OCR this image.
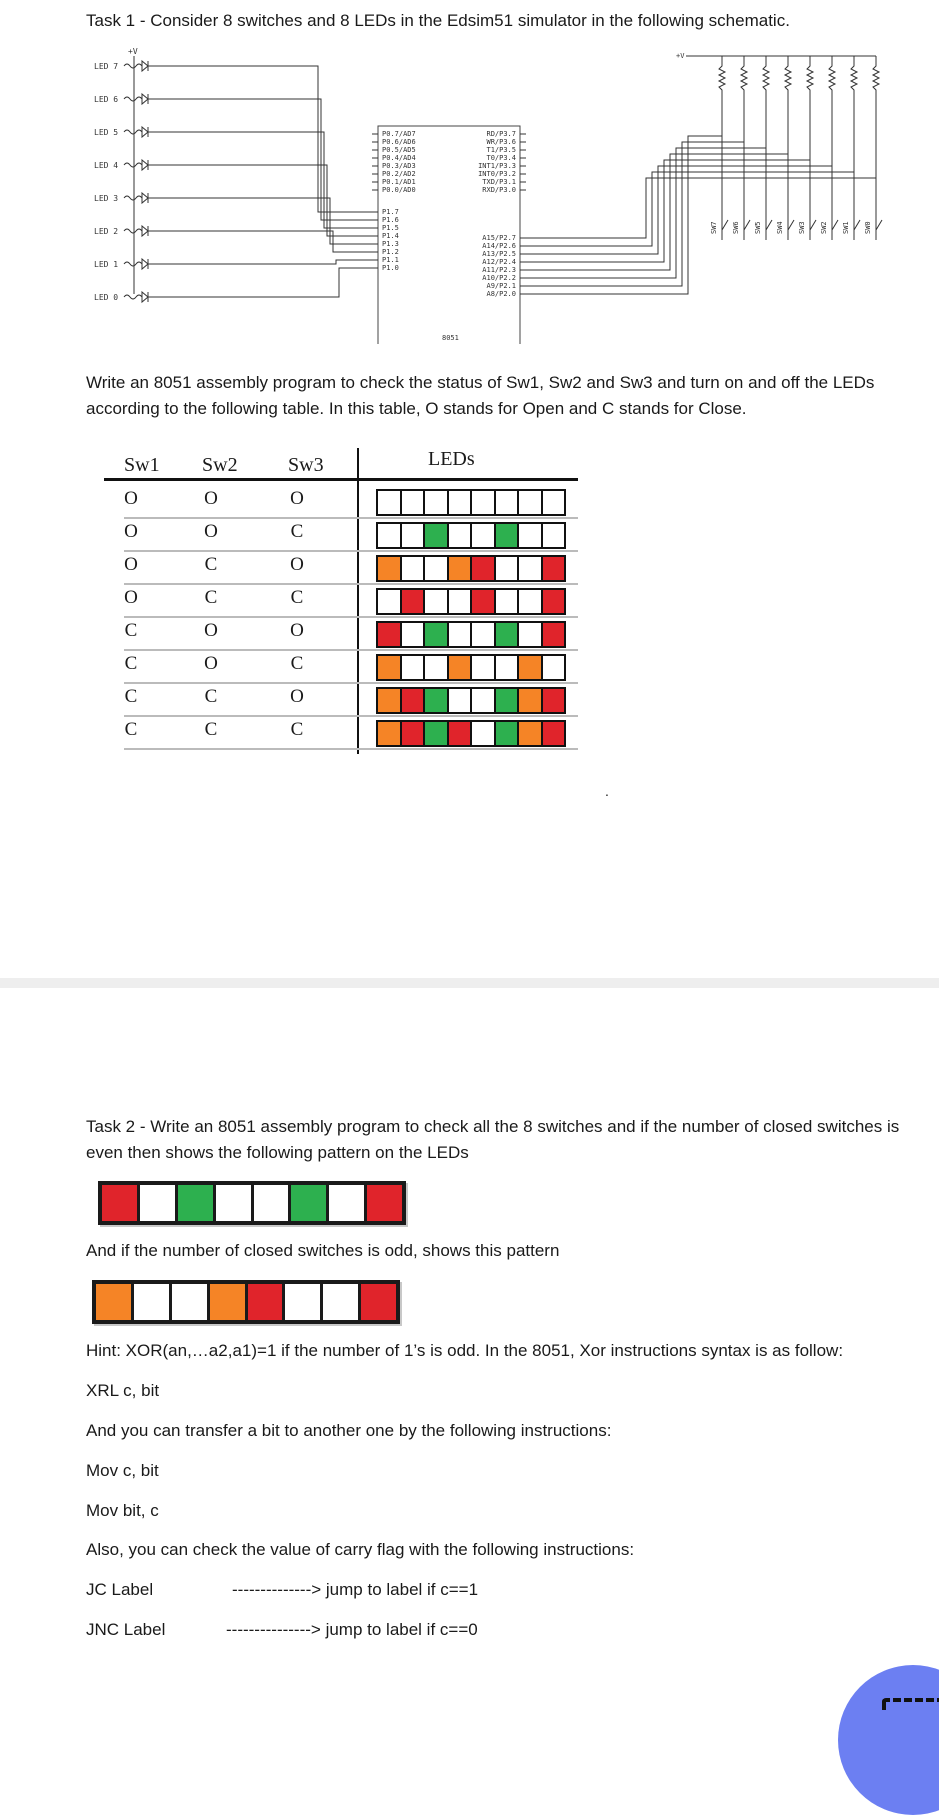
Task 1 - Consider 8 switches and 8 LEDs in the Edsim51 simulator in the following schematic.

+V
LED 7
LED 6
LED 5
LED 4
LED 3
LED 2
LED 1
LED 0
P0.7/AD7
P0.6/AD6
P0.5/AD5
P0.4/AD4
P0.3/AD3
P0.2/AD2
P0.1/AD1
P0.0/AD0
RD/P3.7
WR/P3.6
T1/P3.5
T0/P3.4
INT1/P3.3
INT0/P3.2
TXD/P3.1
RXD/P3.0
P1.7
P1.6
P1.5
P1.4
P1.3
P1.2
P1.1
P1.0
A15/P2.7
A14/P2.6
A13/P2.5
A12/P2.4
A11/P2.3
A10/P2.2
A9/P2.1
A8/P2.0
8051
+V
SW7 SW6 SW5 SW4 SW3 SW2 SW1 SW0

Write an 8051 assembly program to check the status of Sw1, Sw2 and Sw3 and turn on and off the LEDs according to the following table. In this table, O stands for Open and C stands for Close.

Sw1 Sw2	Sw3	LEDs
O	O	O
O	O	C
O	C	O
O	C	C
C	O	O
C	O	C
C	C	O
C	C	C
.

Task 2 - Write an 8051 assembly program to check all the 8 switches and if the number of closed switches is even then shows the following pattern on the LEDs

And if the number of closed switches is odd, shows this pattern

Hint: XOR(an,…a2,a1)=1 if the number of 1’s is odd. In the 8051, Xor instructions syntax is as follow:

XRL c, bit

And you can transfer a bit to another one by the following instructions:

Mov c, bit

Mov bit, c

Also, you can check the value of carry flag with the following instructions:

JC Label	--------------> jump to label if c==1

JNC Label	---------------> jump to label if c==0
